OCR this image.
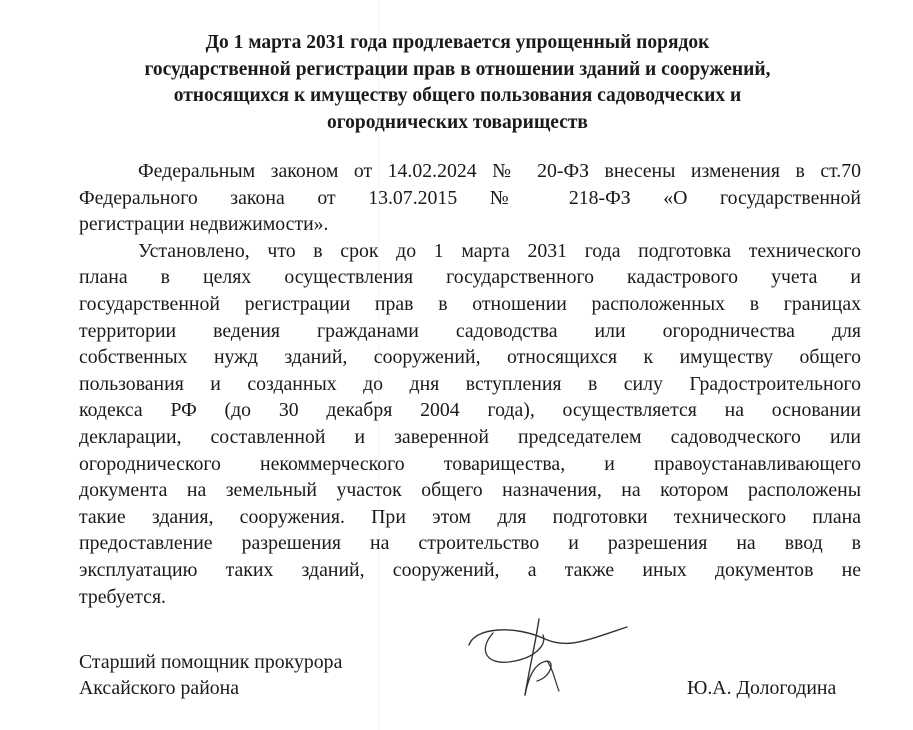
До 1 марта 2031 года продлевается упрощенный порядок
государственной регистрации прав в отношении зданий и сооружений,
относящихся к имуществу общего пользования садоводческих и
огороднических товариществ
Федеральным законом от 14.02.2024 № 20-ФЗ внесены изменения в ст.70
Федерального закона от 13.07.2015 № 218-ФЗ «О государственной
регистрации недвижимости».
Установлено, что в срок до 1 марта 2031 года подготовка технического
плана в целях осуществления государственного кадастрового учета и
государственной регистрации прав в отношении расположенных в границах
территории ведения гражданами садоводства или огородничества для
собственных нужд зданий, сооружений, относящихся к имуществу общего
пользования и созданных до дня вступления в силу Градостроительного
кодекса РФ (до 30 декабря 2004 года), осуществляется на основании
декларации, составленной и заверенной председателем садоводческого или
огороднического некоммерческого товарищества, и правоустанавливающего
документа на земельный участок общего назначения, на котором расположены
такие здания, сооружения. При этом для подготовки технического плана
предоставление разрешения на строительство и разрешения на ввод в
эксплуатацию таких зданий, сооружений, а также иных документов не
требуется.
Старший помощник прокурора
Аксайского района	Ю.А. Дологодина
